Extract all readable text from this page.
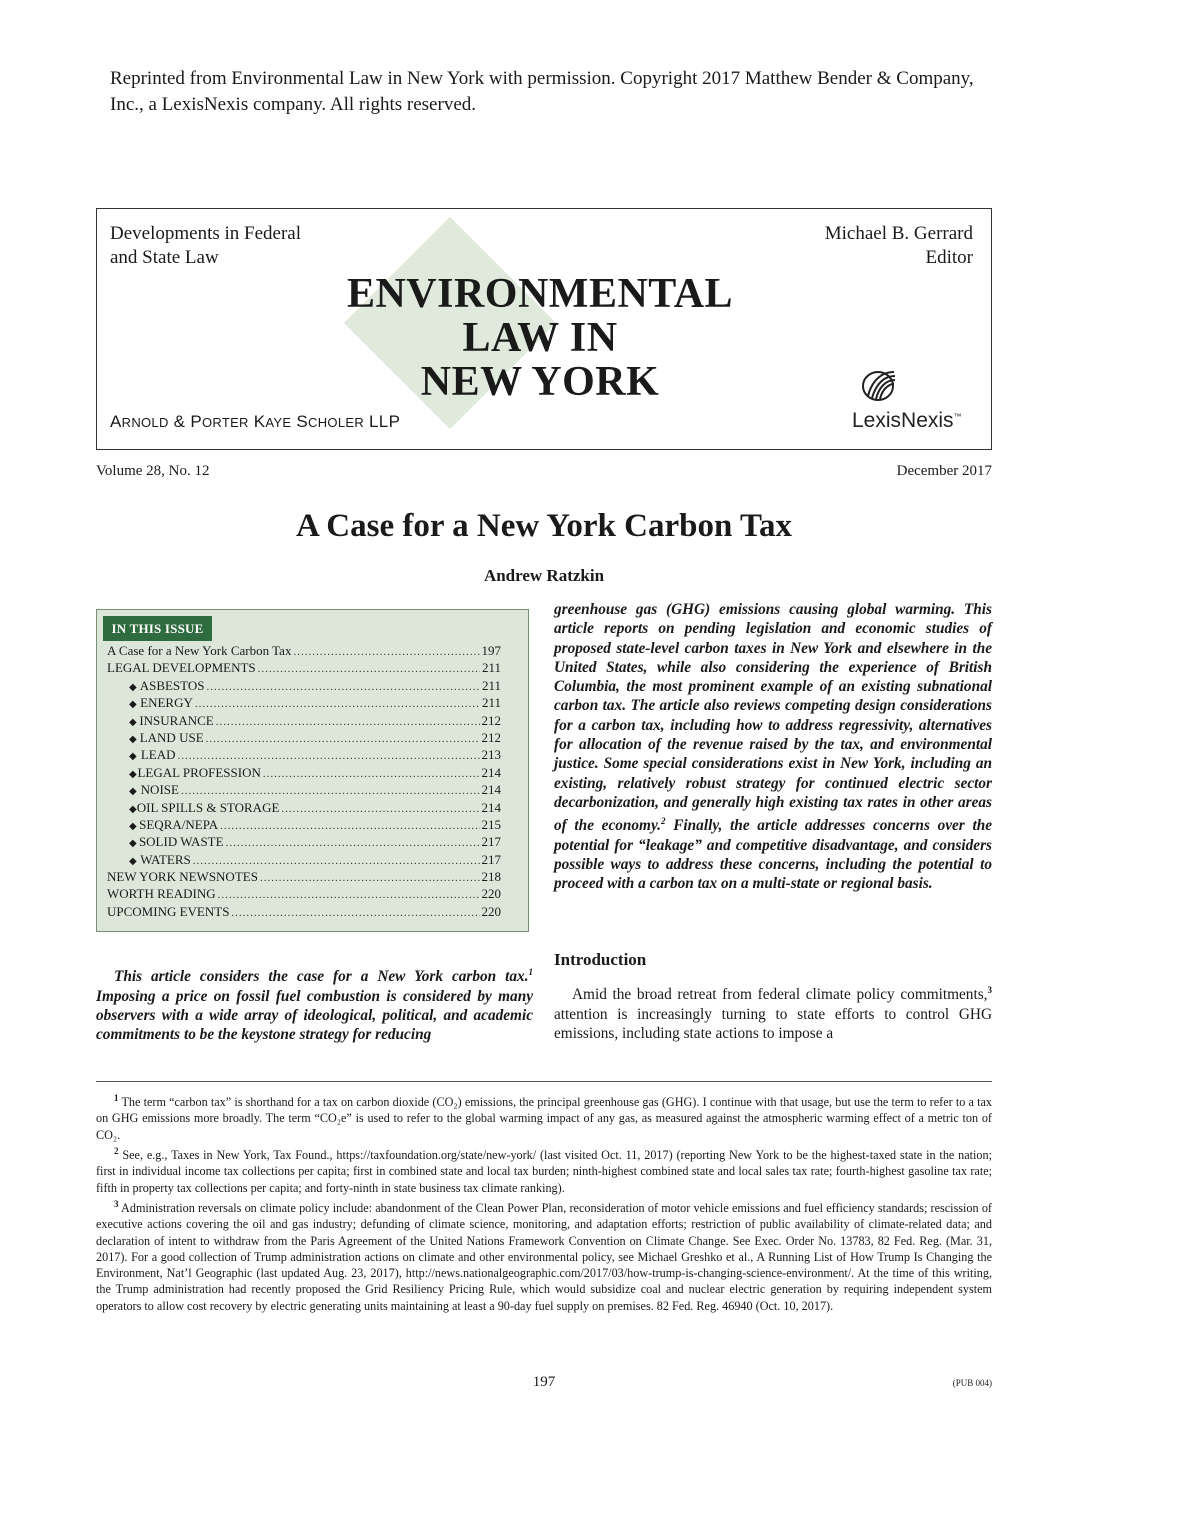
Reprinted from Environmental Law in New York with permission. Copyright 2017 Matthew Bender & Company, Inc., a LexisNexis company. All rights reserved.
Developments in Federal
and State Law
Michael B. Gerrard
Editor
ENVIRONMENTAL
LAW IN
NEW YORK
ARNOLD & PORTER KAYE SCHOLER LLP	LexisNexis™
Volume 28, No. 12	December 2017
A Case for a New York Carbon Tax
Andrew Ratzkin
IN THIS ISSUE
A Case for a New York Carbon Tax .....	197
LEGAL DEVELOPMENTS .....	211
◆ ASBESTOS .....	211
◆ ENERGY .....	211
◆ INSURANCE .....	212
◆ LAND USE .....	212
◆ LEAD .....	213
◆ LEGAL PROFESSION .....	214
◆ NOISE .....	214
◆ OIL SPILLS & STORAGE .....	214
◆ SEQRA/NEPA .....	215
◆ SOLID WASTE .....	217
◆ WATERS .....	217
NEW YORK NEWSNOTES .....	218
WORTH READING .....	220
UPCOMING EVENTS .....	220
greenhouse gas (GHG) emissions causing global warming. This article reports on pending legislation and economic studies of proposed state-level carbon taxes in New York and elsewhere in the United States, while also considering the experience of British Columbia, the most prominent example of an existing subnational carbon tax. The article also reviews competing design considerations for a carbon tax, including how to address regressivity, alternatives for allocation of the revenue raised by the tax, and environmental justice. Some special considerations exist in New York, including an existing, relatively robust strategy for continued electric sector decarbonization, and generally high existing tax rates in other areas of the economy.$^2$ Finally, the article addresses concerns over the potential for “leakage” and competitive disadvantage, and considers possible ways to address these concerns, including the potential to proceed with a carbon tax on a multi-state or regional basis.
This article considers the case for a New York carbon tax.$^1$ Imposing a price on fossil fuel combustion is considered by many observers with a wide array of ideological, political, and academic commitments to be the keystone strategy for reducing
Introduction
Amid the broad retreat from federal climate policy commitments,$^3$ attention is increasingly turning to state efforts to control GHG emissions, including state actions to impose a

$^1$ The term “carbon tax” is shorthand for a tax on carbon dioxide (CO₂) emissions, the principal greenhouse gas (GHG). I continue with that usage, but use the term to refer to a tax on GHG emissions more broadly. The term “CO₂e” is used to refer to the global warming impact of any gas, as measured against the atmospheric warming effect of a metric ton of CO₂.

$^2$ See, e.g., Taxes in New York, Tax Found., https://taxfoundation.org/state/new-york/ (last visited Oct. 11, 2017) (reporting New York to be the highest-taxed state in the nation; first in individual income tax collections per capita; first in combined state and local tax burden; ninth-highest combined state and local sales tax rate; fourth-highest gasoline tax rate; fifth in property tax collections per capita; and forty-ninth in state business tax climate ranking).

$^3$ Administration reversals on climate policy include: abandonment of the Clean Power Plan, reconsideration of motor vehicle emissions and fuel efficiency standards; rescission of executive actions covering the oil and gas industry; defunding of climate science, monitoring, and adaptation efforts; restriction of public availability of climate-related data; and declaration of intent to withdraw from the Paris Agreement of the United Nations Framework Convention on Climate Change. See Exec. Order No. 13783, 82 Fed. Reg. (Mar. 31, 2017). For a good collection of Trump administration actions on climate and other environmental policy, see Michael Greshko et al., A Running List of How Trump Is Changing the Environment, Nat’l Geographic (last updated Aug. 23, 2017), http://news.nationalgeographic.com/2017/03/how-trump-is-changing-science-environment/. At the time of this writing, the Trump administration had recently proposed the Grid Resiliency Pricing Rule, which would subsidize coal and nuclear electric generation by requiring independent system operators to allow cost recovery by electric generating units maintaining at least a 90-day fuel supply on premises. 82 Fed. Reg. 46940 (Oct. 10, 2017).

197	(PUB 004)
